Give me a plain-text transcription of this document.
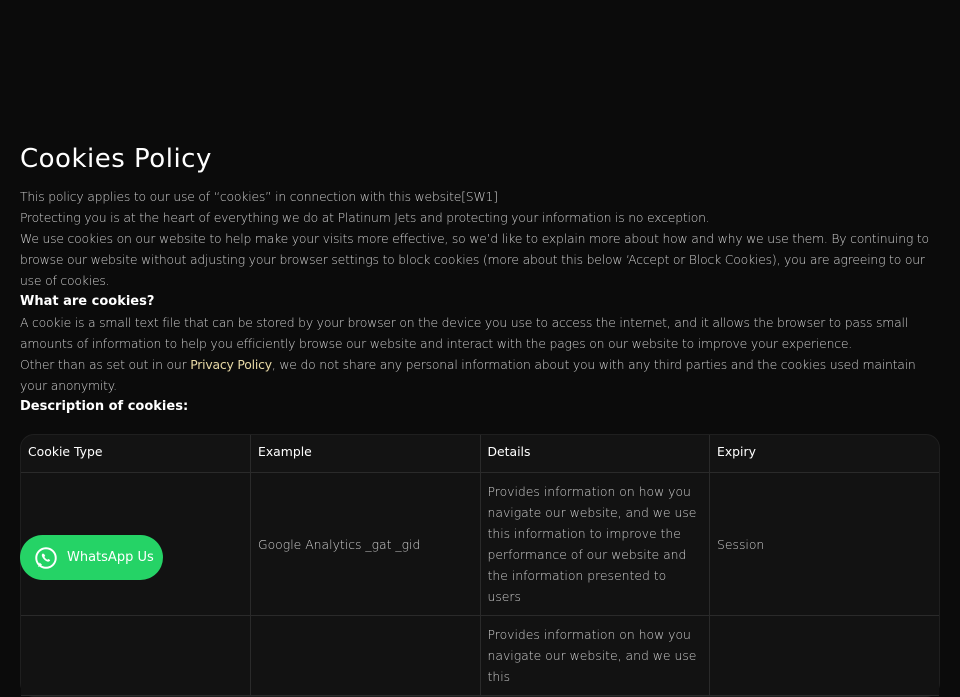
Cookies Policy

This policy applies to our use of “cookies” in connection with this website[SW1]

Protecting you is at the heart of everything we do at Platinum Jets and protecting your information is no exception.

We use cookies on our website to help make your visits more effective, so we’d like to explain more about how and why we use them. By continuing to browse our website without adjusting your browser settings to block cookies (more about this below ‘Accept or Block Cookies), you are agreeing to our use of cookies.

What are cookies?

A cookie is a small text file that can be stored by your browser on the device you use to access the internet, and it allows the browser to pass small amounts of information to help you efficiently browse our website and interact with the pages on our website to improve your experience.

Other than as set out in our Privacy Policy, we do not share any personal information about you with any third parties and the cookies used maintain your anonymity.

Description of cookies:
Cookie Type	Example	Details	Expiry
	Google Analytics _gat _gid	Provides information on how you navigate our website, and we use this information to improve the performance of our website and the information presented to users	Session
		Provides information on how you navigate our website, and we use this	
WhatsApp Us
